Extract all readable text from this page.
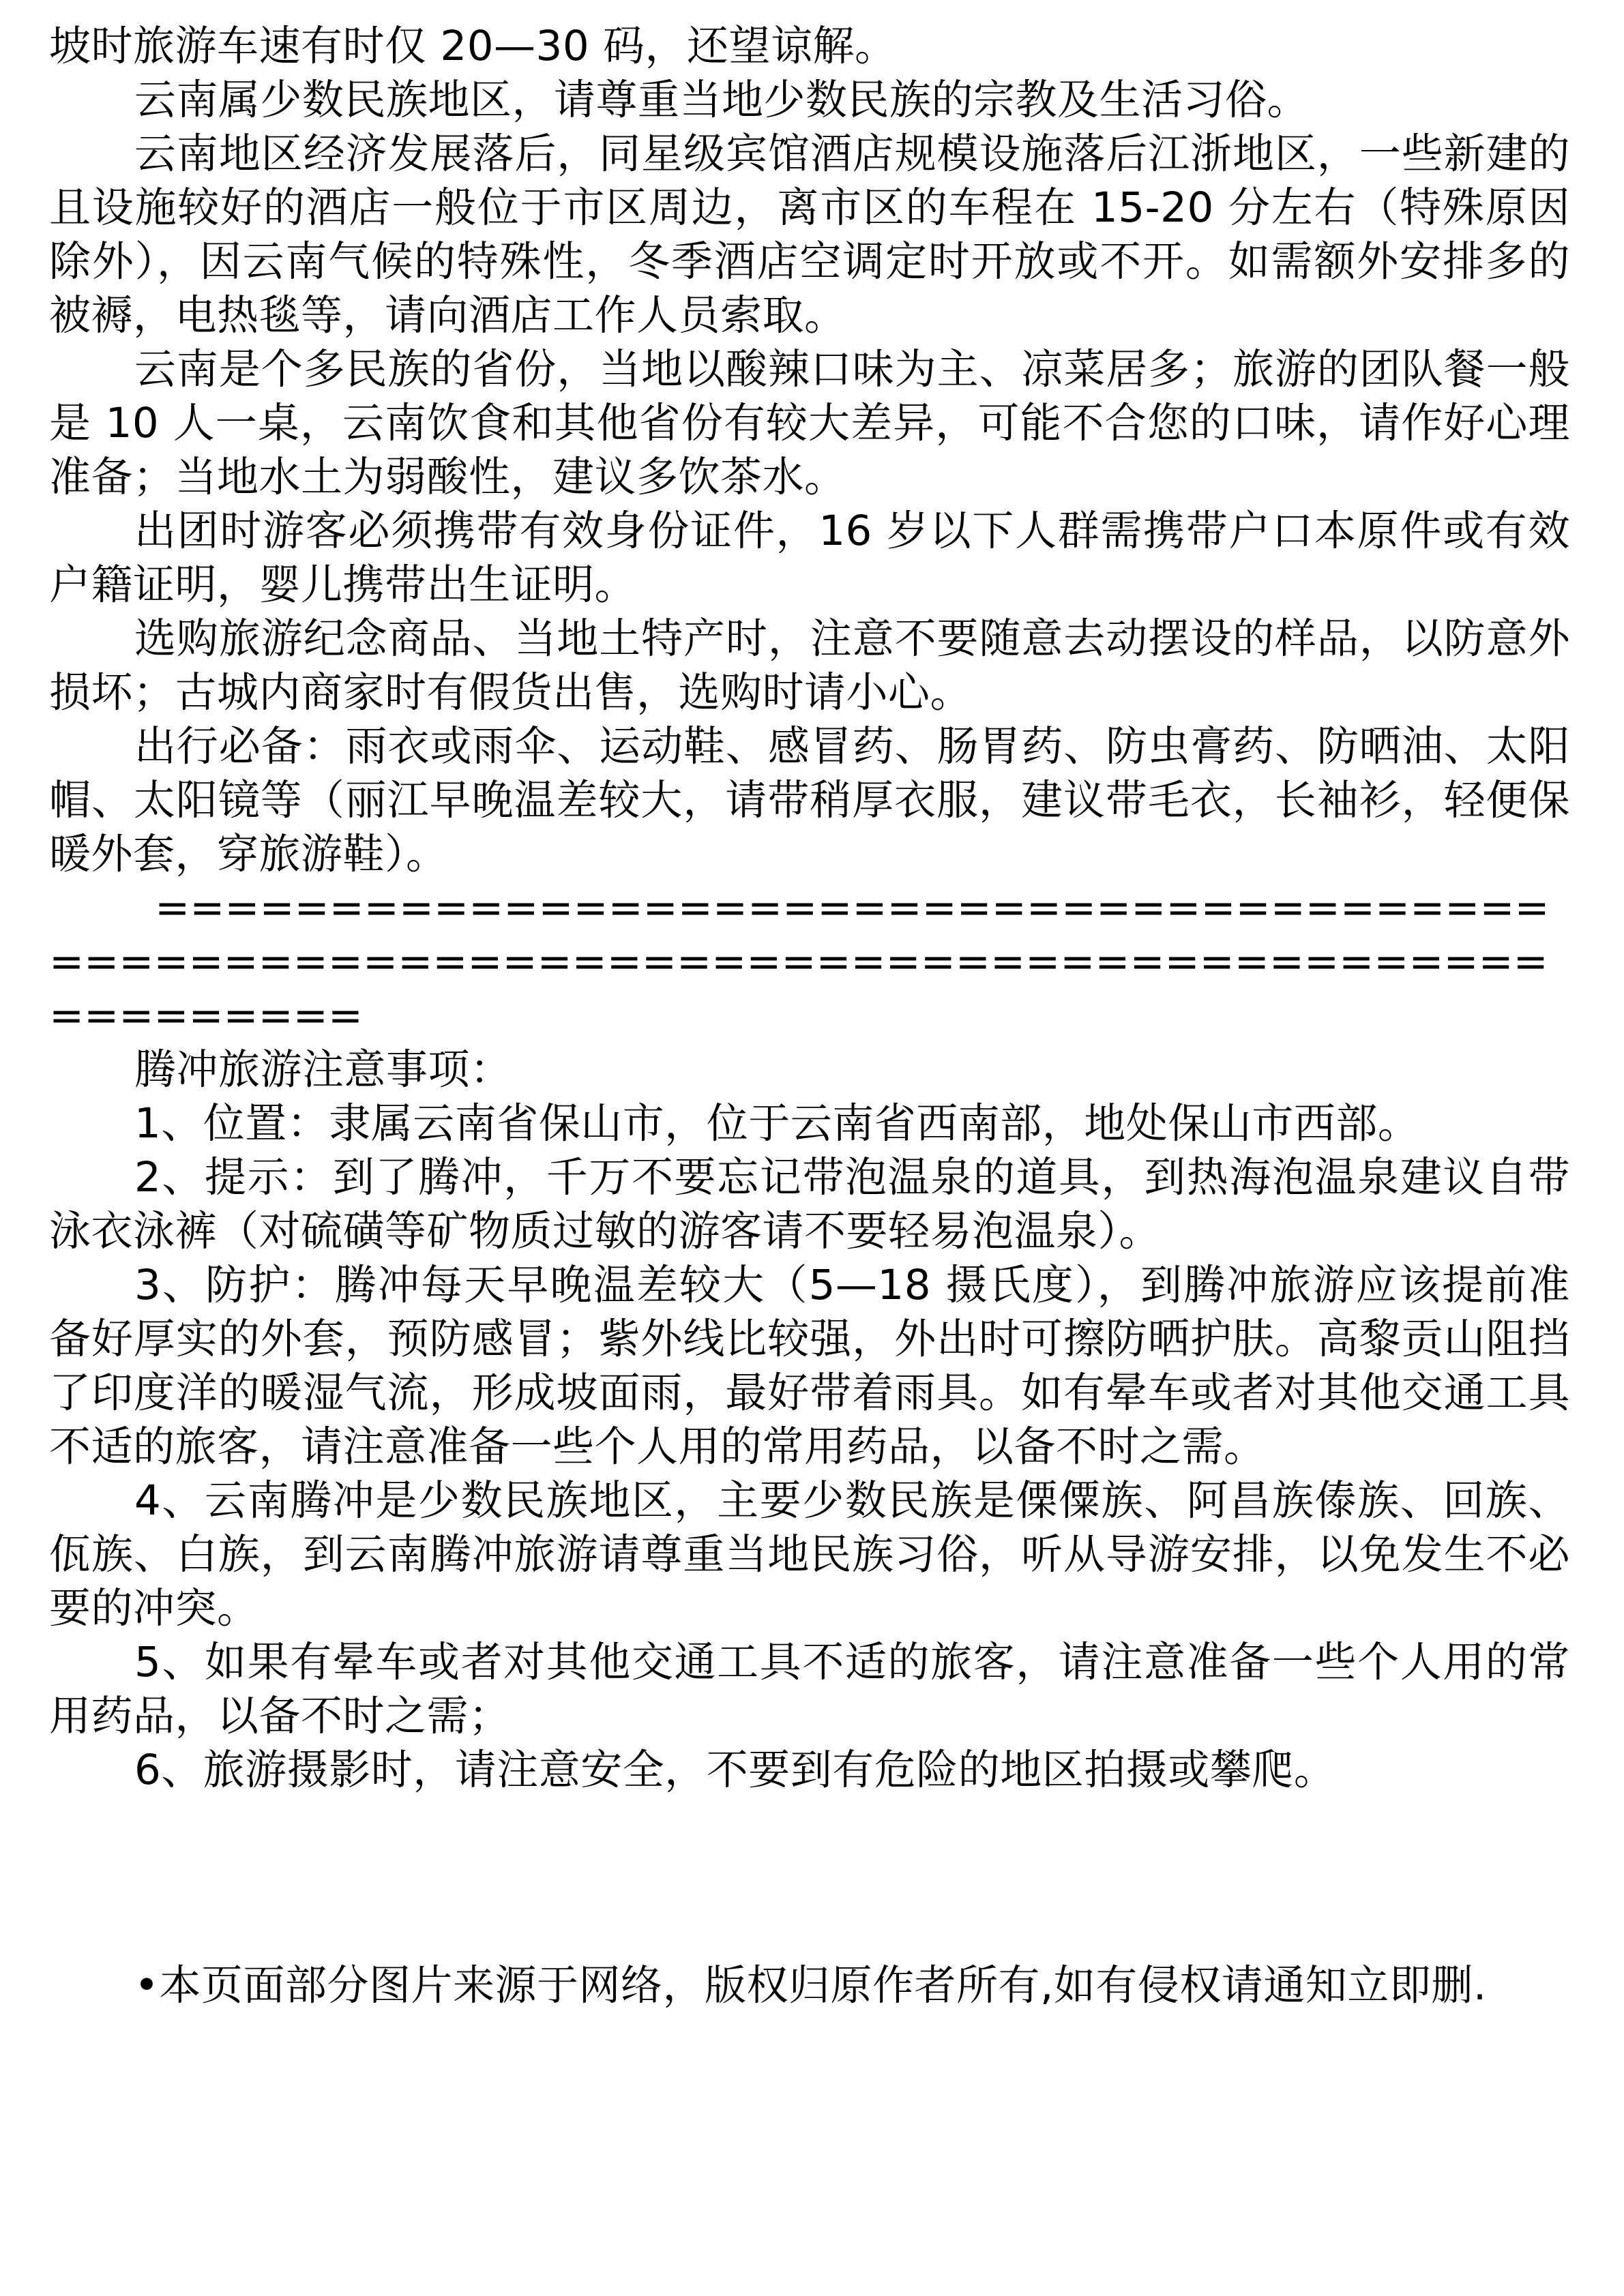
坡时旅游车速有时仅 20—30 码，还望谅解。

云南属少数民族地区，请尊重当地少数民族的宗教及生活习俗。

云南地区经济发展落后，同星级宾馆酒店规模设施落后江浙地区，一些新建的且设施较好的酒店一般位于市区周边，离市区的车程在 15-20 分左右（特殊原因除外），因云南气候的特殊性，冬季酒店空调定时开放或不开。如需额外安排多的被褥，电热毯等，请向酒店工作人员索取。

云南是个多民族的省份，当地以酸辣口味为主、凉菜居多；旅游的团队餐一般是 10 人一桌，云南饮食和其他省份有较大差异，可能不合您的口味，请作好心理准备；当地水土为弱酸性，建议多饮茶水。

出团时游客必须携带有效身份证件，16 岁以下人群需携带户口本原件或有效户籍证明，婴儿携带出生证明。

选购旅游纪念商品、当地土特产时，注意不要随意去动摆设的样品，以防意外损坏；古城内商家时有假货出售，选购时请小心。

出行必备：雨衣或雨伞、运动鞋、感冒药、肠胃药、防虫膏药、防晒油、太阳帽、太阳镜等（丽江早晚温差较大，请带稍厚衣服，建议带毛衣，长袖衫，轻便保暖外套，穿旅游鞋）。

============================================================================================

腾冲旅游注意事项：

1、位置：隶属云南省保山市，位于云南省西南部，地处保山市西部。

2、提示：到了腾冲，千万不要忘记带泡温泉的道具，到热海泡温泉建议自带泳衣泳裤（对硫磺等矿物质过敏的游客请不要轻易泡温泉）。

3、防护：腾冲每天早晚温差较大（5—18 摄氏度），到腾冲旅游应该提前准备好厚实的外套，预防感冒；紫外线比较强，外出时可擦防晒护肤。高黎贡山阻挡了印度洋的暖湿气流，形成坡面雨，最好带着雨具。如有晕车或者对其他交通工具不适的旅客，请注意准备一些个人用的常用药品，以备不时之需。

4、云南腾冲是少数民族地区，主要少数民族是傈僳族、阿昌族傣族、回族、佤族、白族，到云南腾冲旅游请尊重当地民族习俗，听从导游安排，以免发生不必要的冲突。

5、如果有晕车或者对其他交通工具不适的旅客，请注意准备一些个人用的常用药品，以备不时之需；

6、旅游摄影时，请注意安全，不要到有危险的地区拍摄或攀爬。

•本页面部分图片来源于网络，版权归原作者所有,如有侵权请通知立即删.
